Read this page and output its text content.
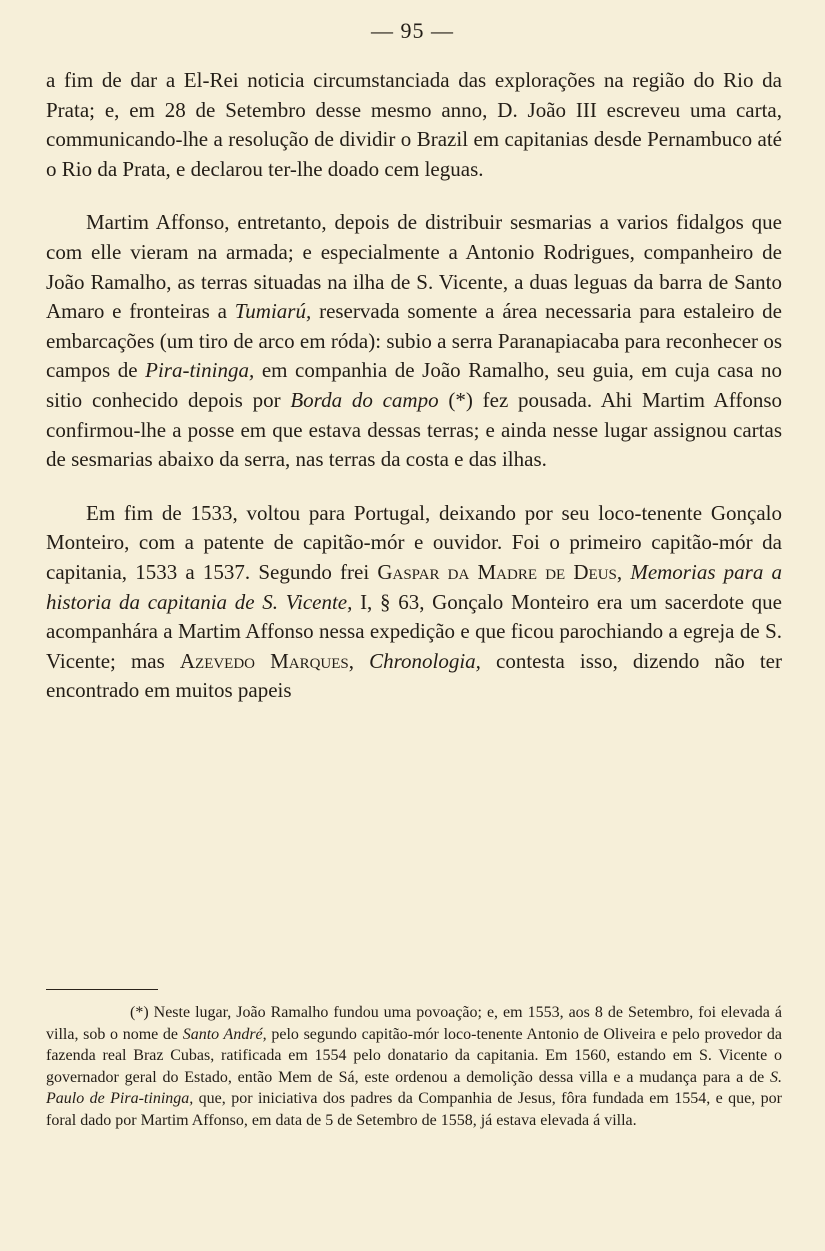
— 95 —

a fim de dar a El-Rei noticia circumstanciada das explorações na região do Rio da Prata; e, em 28 de Setembro desse mesmo anno, D. João III escreveu uma carta, communicando-lhe a resolução de dividir o Brazil em capitanias desde Pernambuco até o Rio da Prata, e declarou ter-lhe doado cem leguas.

Martim Affonso, entretanto, depois de distribuir sesmarias a varios fidalgos que com elle vieram na armada; e especialmente a Antonio Rodrigues, companheiro de João Ramalho, as terras situadas na ilha de S. Vicente, a duas leguas da barra de Santo Amaro e fronteiras a Tumiarú, reservada somente a área necessaria para estaleiro de embarcações (um tiro de arco em róda): subio a serra Paranapiacaba para reconhecer os campos de Pira-tininga, em companhia de João Ramalho, seu guia, em cuja casa no sitio conhecido depois por Borda do campo (*) fez pousada. Ahi Martim Affonso confirmou-lhe a posse em que estava dessas terras; e ainda nesse lugar assignou cartas de sesmarias abaixo da serra, nas terras da costa e das ilhas.

Em fim de 1533, voltou para Portugal, deixando por seu loco-tenente Gonçalo Monteiro, com a patente de capitão-mór e ouvidor. Foi o primeiro capitão-mór da capitania, 1533 a 1537. Segundo frei Gaspar da Madre de Deus, Memorias para a historia da capitania de S. Vicente, I, § 63, Gonçalo Monteiro era um sacerdote que acompanhára a Martim Affonso nessa expedição e que ficou parochiando a egreja de S. Vicente; mas Azevedo Marques, Chronologia, contesta isso, dizendo não ter encontrado em muitos papeis

(*) Neste lugar, João Ramalho fundou uma povoação; e, em 1553, aos 8 de Setembro, foi elevada á villa, sob o nome de Santo André, pelo segundo capitão-mór loco-tenente Antonio de Oliveira e pelo provedor da fazenda real Braz Cubas, ratificada em 1554 pelo donatario da capitania. Em 1560, estando em S. Vicente o governador geral do Estado, então Mem de Sá, este ordenou a demolição dessa villa e a mudança para a de S. Paulo de Pira-tininga, que, por iniciativa dos padres da Companhia de Jesus, fôra fundada em 1554, e que, por foral dado por Martim Affonso, em data de 5 de Setembro de 1558, já estava elevada á villa.
